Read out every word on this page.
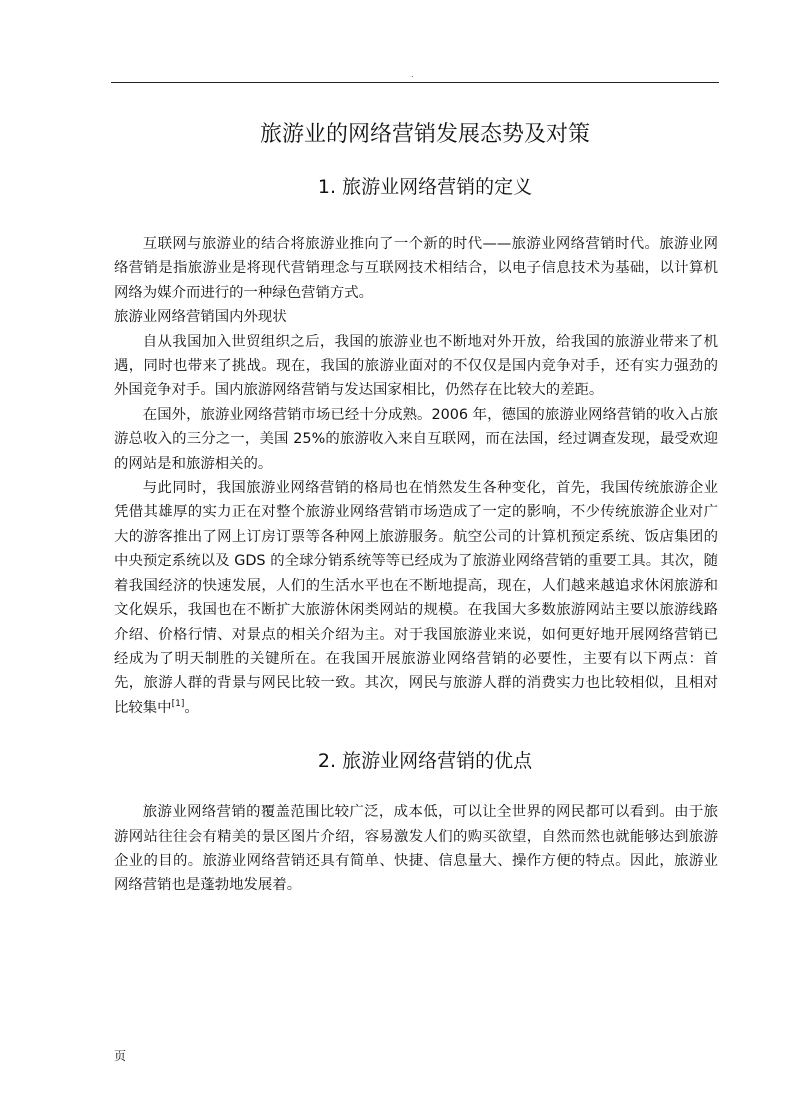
.
旅游业的网络营销发展态势及对策
1. 旅游业网络营销的定义

互联网与旅游业的结合将旅游业推向了一个新的时代——旅游业网络营销时代。旅游业网络营销是指旅游业是将现代营销理念与互联网技术相结合，以电子信息技术为基础，以计算机网络为媒介而进行的一种绿色营销方式。

旅游业网络营销国内外现状

自从我国加入世贸组织之后，我国的旅游业也不断地对外开放，给我国的旅游业带来了机遇，同时也带来了挑战。现在，我国的旅游业面对的不仅仅是国内竞争对手，还有实力强劲的外国竞争对手。国内旅游网络营销与发达国家相比，仍然存在比较大的差距。

在国外，旅游业网络营销市场已经十分成熟。2006 年，德国的旅游业网络营销的收入占旅游总收入的三分之一，美国 25%的旅游收入来自互联网，而在法国，经过调查发现，最受欢迎的网站是和旅游相关的。

与此同时，我国旅游业网络营销的格局也在悄然发生各种变化，首先，我国传统旅游企业凭借其雄厚的实力正在对整个旅游业网络营销市场造成了一定的影响，不少传统旅游企业对广大的游客推出了网上订房订票等各种网上旅游服务。航空公司的计算机预定系统、饭店集团的中央预定系统以及 GDS 的全球分销系统等等已经成为了旅游业网络营销的重要工具。其次，随着我国经济的快速发展，人们的生活水平也在不断地提高，现在，人们越来越追求休闲旅游和文化娱乐，我国也在不断扩大旅游休闲类网站的规模。在我国大多数旅游网站主要以旅游线路介绍、价格行情、对景点的相关介绍为主。对于我国旅游业来说，如何更好地开展网络营销已经成为了明天制胜的关键所在。在我国开展旅游业网络营销的必要性，主要有以下两点：首先，旅游人群的背景与网民比较一致。其次，网民与旅游人群的消费实力也比较相似，且相对比较集中[1]。

2. 旅游业网络营销的优点

旅游业网络营销的覆盖范围比较广泛，成本低，可以让全世界的网民都可以看到。由于旅游网站往往会有精美的景区图片介绍，容易激发人们的购买欲望，自然而然也就能够达到旅游企业的目的。旅游业网络营销还具有简单、快捷、信息量大、操作方便的特点。因此，旅游业网络营销也是蓬勃地发展着。

页
